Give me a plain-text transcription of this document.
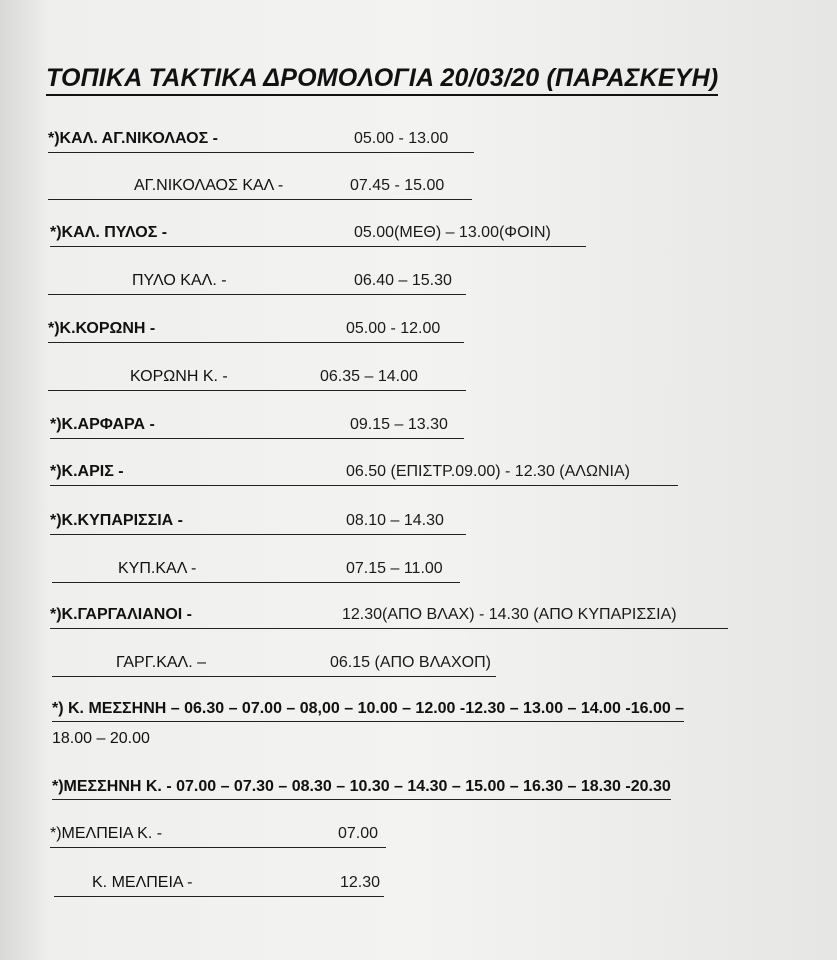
ΤΟΠΙΚΑ ΤΑΚΤΙΚΑ ΔΡΟΜΟΛΟΓΙΑ 20/03/20 (ΠΑΡΑΣΚΕΥΗ)
*)ΚΑΛ. ΑΓ.ΝΙΚΟΛΑΟΣ -	05.00 - 13.00
ΑΓ.ΝΙΚΟΛΑΟΣ ΚΑΛ -	07.45 - 15.00
*)ΚΑΛ. ΠΥΛΟΣ -	05.00(ΜΕΘ) – 13.00(ΦΟΙΝ)
ΠΥΛΟ ΚΑΛ. -	06.40 – 15.30
*)Κ.ΚΟΡΩΝΗ -	05.00 - 12.00
ΚΟΡΩΝΗ Κ. -	06.35 – 14.00
*)Κ.ΑΡΦΑΡΑ -	09.15 – 13.30
*)Κ.ΑΡΙΣ -	06.50 (ΕΠΙΣΤΡ.09.00) - 12.30 (ΑΛΩΝΙΑ)
*)Κ.ΚΥΠΑΡΙΣΣΙΑ -	08.10 – 14.30
ΚΥΠ.ΚΑΛ -	07.15 – 11.00
*)Κ.ΓΑΡΓΑΛΙΑΝΟΙ -	12.30(ΑΠΟ ΒΛΑΧ) - 14.30 (ΑΠΟ ΚΥΠΑΡΙΣΣΙΑ)
ΓΑΡΓ.ΚΑΛ. –	06.15 (ΑΠΟ ΒΛΑΧΟΠ)
*) Κ. ΜΕΣΣΗΝΗ – 06.30 – 07.00 – 08,00 – 10.00 – 12.00 -12.30 – 13.00 – 14.00 -16.00 –
18.00 – 20.00
*)ΜΕΣΣΗΝΗ Κ. - 07.00 – 07.30 – 08.30 – 10.30 – 14.30 – 15.00 – 16.30 – 18.30 -20.30
*)ΜΕΛΠΕΙΑ Κ. -	07.00
Κ. ΜΕΛΠΕΙΑ -	12.30
